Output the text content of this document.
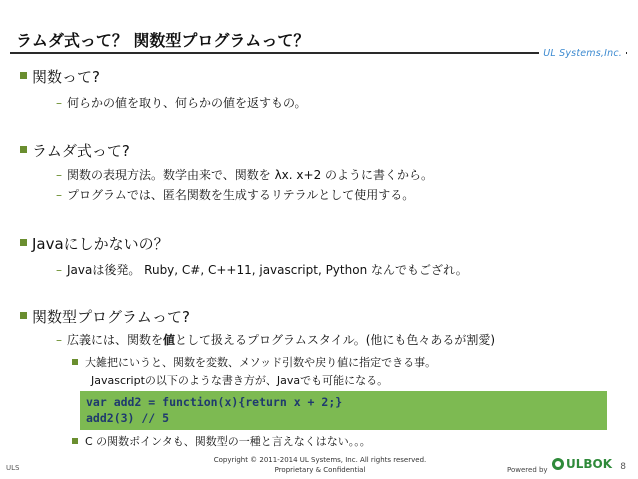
ラムダ式って？ 関数型プログラムって？
UL Systems,Inc.
関数って?
– 何らかの値を取り、何らかの値を返すもの。
ラムダ式って?
– 関数の表現方法。数学由来で、関数を λx. x+2 のように書くから。
– プログラムでは、匿名関数を生成するリテラルとして使用する。
Javaにしかないの？
– Javaは後発。 Ruby, C#, C++11, javascript, Python なんでもござれ。
関数型プログラムって?
– 広義には、関数を値として扱えるプログラムスタイル。(他にも色々あるが割愛)
大雑把にいうと、関数を変数、メソッド引数や戻り値に指定できる事。
Javascriptの以下のような書き方が、Javaでも可能になる。
var add2 = function(x){return x + 2;}
add2(3) // 5
C の関数ポインタも、関数型の一種と言えなくはない。。。
ULS
Copyright © 2011-2014 UL Systems, Inc. All rights reserved.
Proprietary & Confidential	Powered by ULBOK 8
